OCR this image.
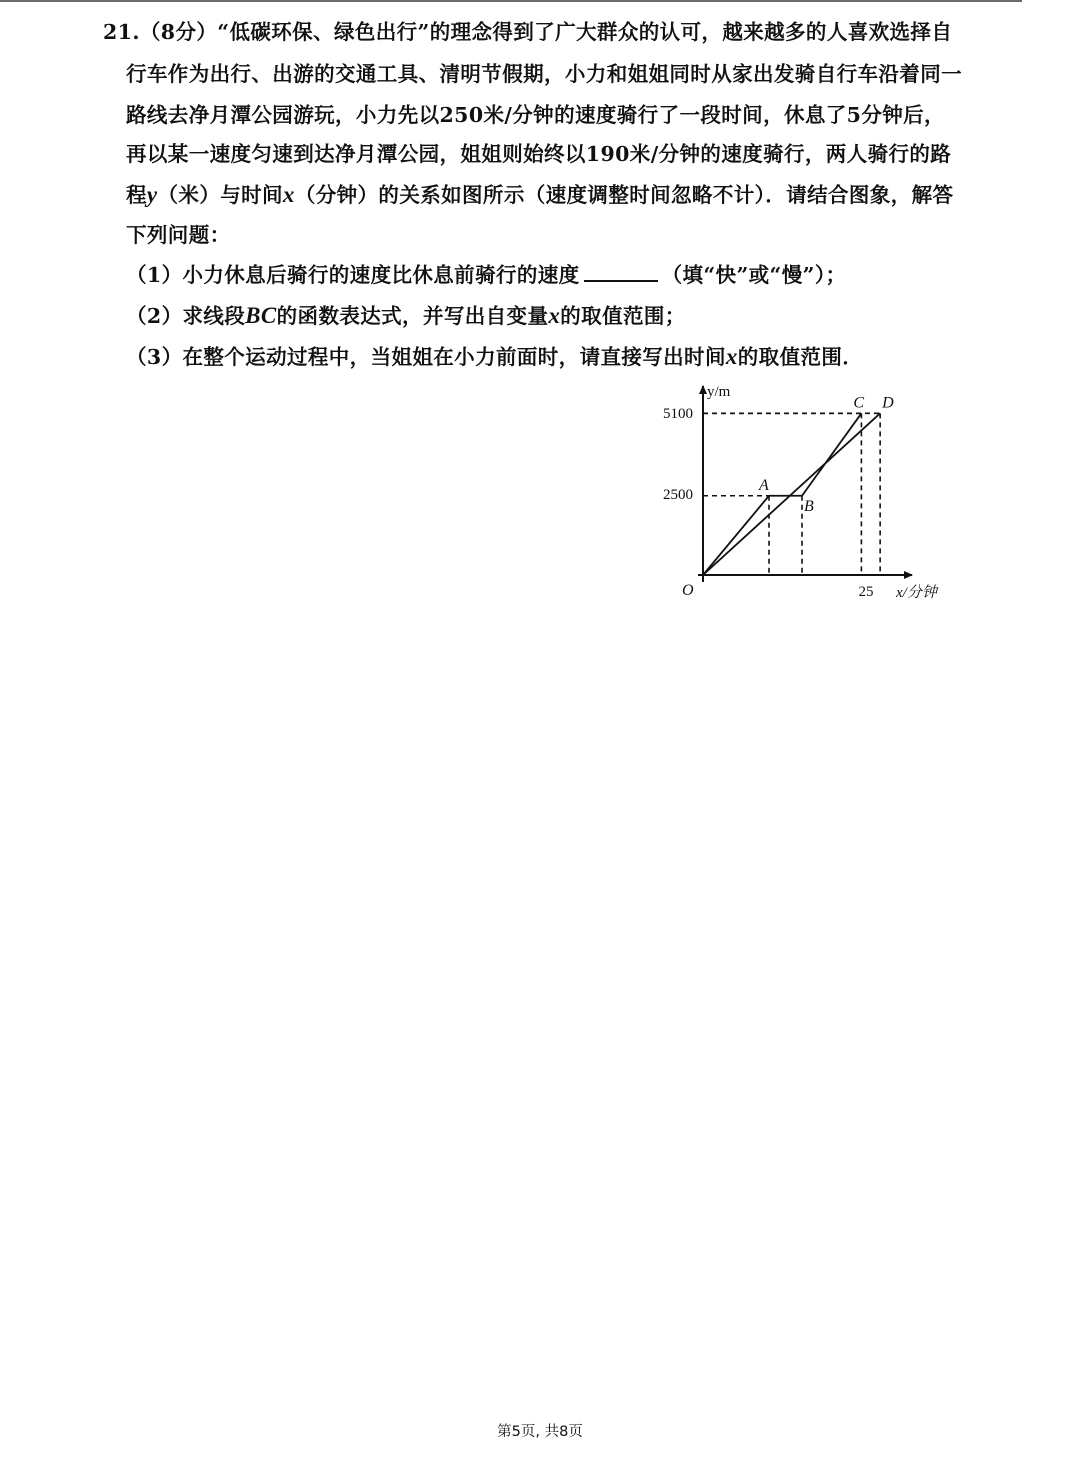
21.（8分）“低碳环保、绿色出行”的理念得到了广大群众的认可，越来越多的人喜欢选择自
行车作为出行、出游的交通工具、清明节假期，小力和姐姐同时从家出发骑自行车沿着同一
路线去净月潭公园游玩，小力先以250米/分钟的速度骑行了一段时间，休息了5分钟后，
再以某一速度匀速到达净月潭公园，姐姐则始终以190米/分钟的速度骑行，两人骑行的路
程y（米）与时间x（分钟）的关系如图所示（速度调整时间忽略不计）．请结合图象，解答
下列问题：
（1）小力休息后骑行的速度比休息前骑行的速度	（填“快”或“慢”）；
（2）求线段BC的函数表达式，并写出自变量x的取值范围；
（3）在整个运动过程中，当姐姐在小力前面时，请直接写出时间x的取值范围．
y/m
x/分钟
O
2500
5100
25
A
B
C D
第5页, 共8页
